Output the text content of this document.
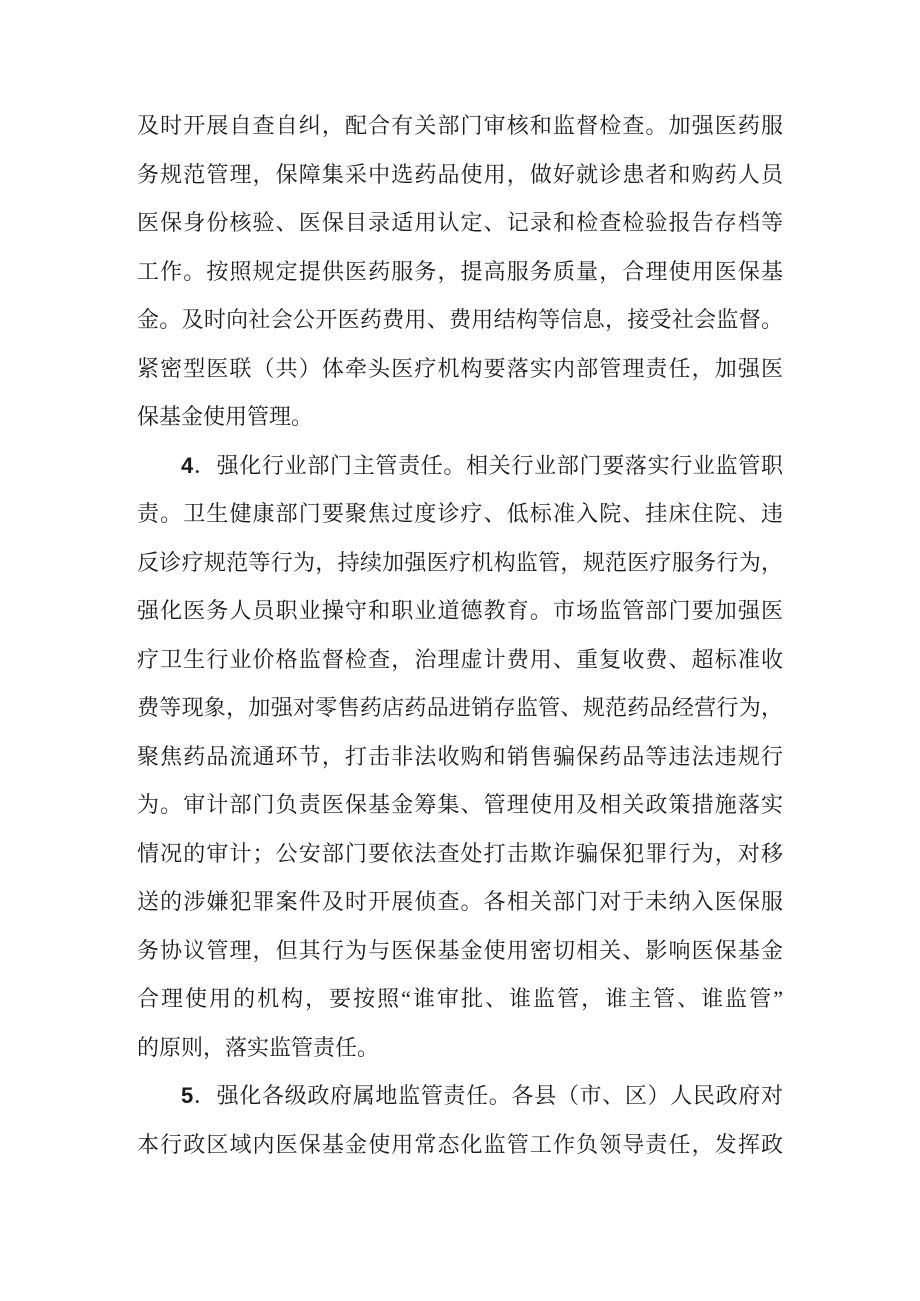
及时开展自查自纠，配合有关部门审核和监督检查。加强医药服
务规范管理，保障集采中选药品使用，做好就诊患者和购药人员
医保身份核验、医保目录适用认定、记录和检查检验报告存档等
工作。按照规定提供医药服务，提高服务质量，合理使用医保基
金。及时向社会公开医药费用、费用结构等信息，接受社会监督。
紧密型医联（共）体牵头医疗机构要落实内部管理责任，加强医
保基金使用管理。
4．强化行业部门主管责任。相关行业部门要落实行业监管职
责。卫生健康部门要聚焦过度诊疗、低标准入院、挂床住院、违
反诊疗规范等行为，持续加强医疗机构监管，规范医疗服务行为，
强化医务人员职业操守和职业道德教育。市场监管部门要加强医
疗卫生行业价格监督检查，治理虚计费用、重复收费、超标准收
费等现象，加强对零售药店药品进销存监管、规范药品经营行为，
聚焦药品流通环节，打击非法收购和销售骗保药品等违法违规行
为。审计部门负责医保基金筹集、管理使用及相关政策措施落实
情况的审计；公安部门要依法查处打击欺诈骗保犯罪行为，对移
送的涉嫌犯罪案件及时开展侦查。各相关部门对于未纳入医保服
务协议管理，但其行为与医保基金使用密切相关、影响医保基金
合理使用的机构，要按照“谁审批、谁监管，谁主管、谁监管”
的原则，落实监管责任。
5．强化各级政府属地监管责任。各县（市、区）人民政府对
本行政区域内医保基金使用常态化监管工作负领导责任，发挥政
